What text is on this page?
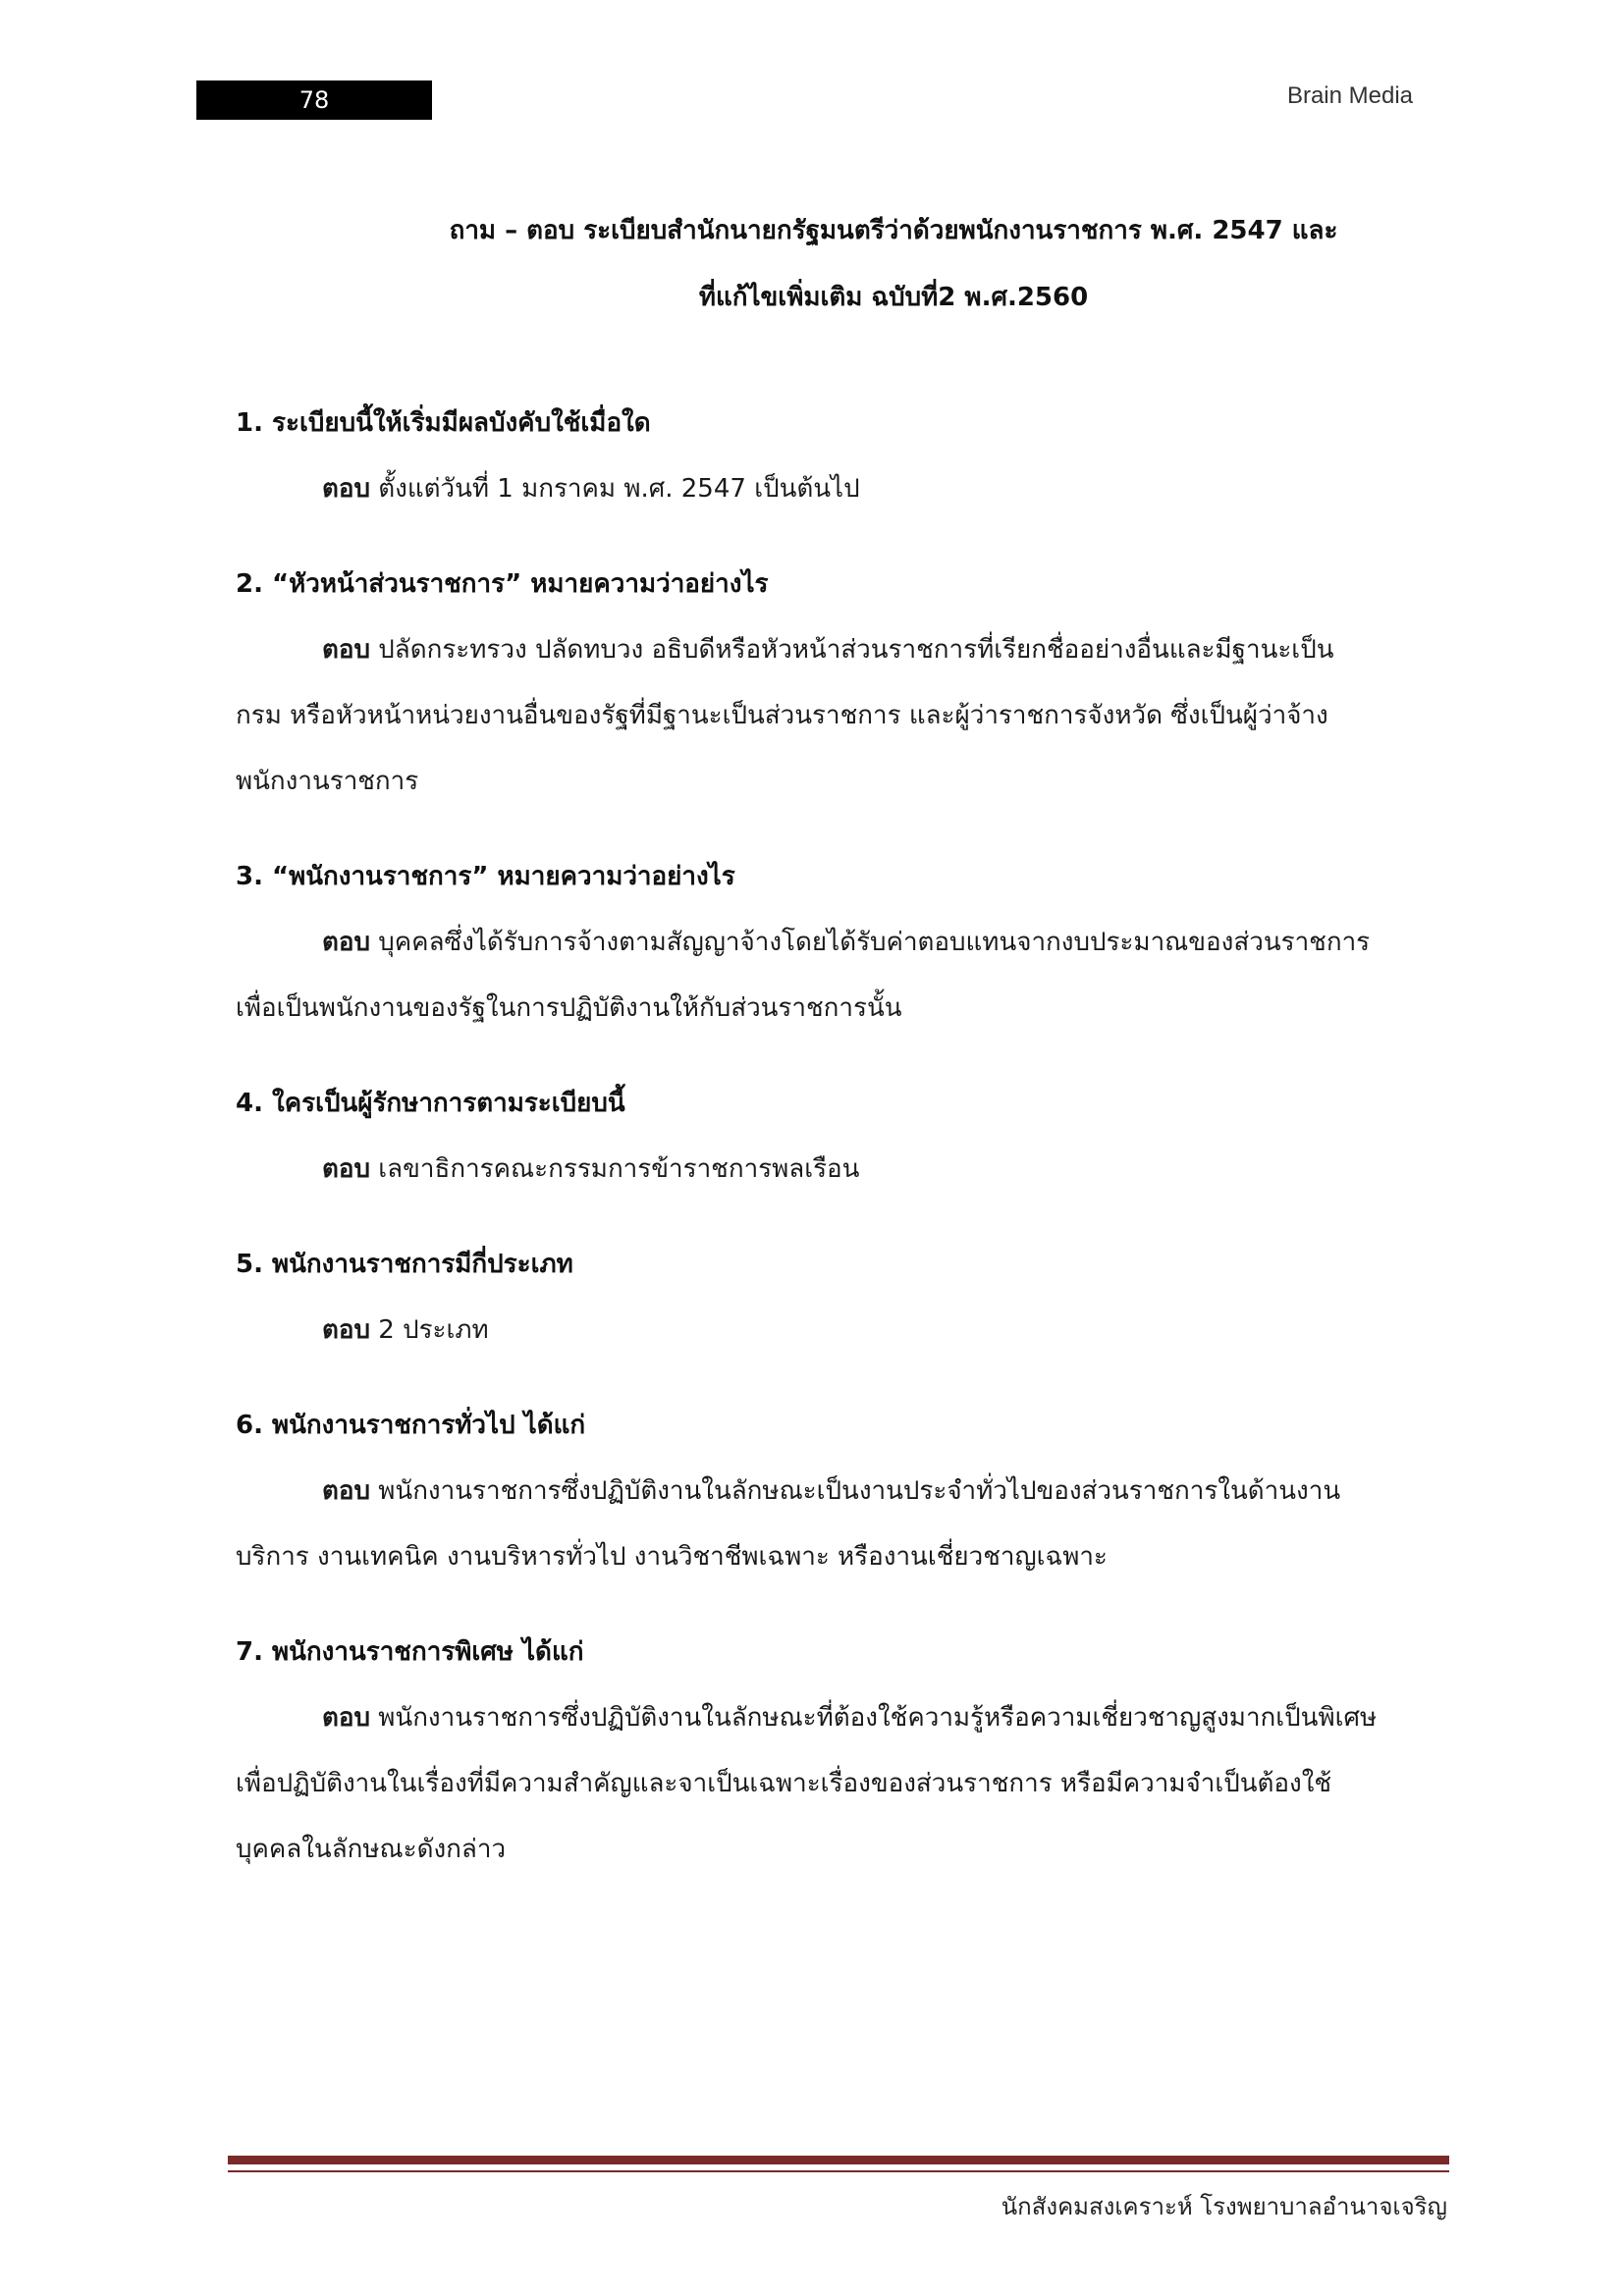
78	Brain Media
ถาม – ตอบ ระเบียบสำนักนายกรัฐมนตรีว่าด้วยพนักงานราชการ พ.ศ. 2547 และ
ที่แก้ไขเพิ่มเติม ฉบับที่2 พ.ศ.2560
1. ระเบียบนี้ให้เริ่มมีผลบังคับใช้เมื่อใด
ตอบ ตั้งแต่วันที่ 1 มกราคม พ.ศ. 2547 เป็นต้นไป
2. “หัวหน้าส่วนราชการ” หมายความว่าอย่างไร
ตอบ ปลัดกระทรวง ปลัดทบวง อธิบดีหรือหัวหน้าส่วนราชการที่เรียกชื่ออย่างอื่นและมีฐานะเป็น
กรม หรือหัวหน้าหน่วยงานอื่นของรัฐที่มีฐานะเป็นส่วนราชการ และผู้ว่าราชการจังหวัด ซึ่งเป็นผู้ว่าจ้าง
พนักงานราชการ
3. “พนักงานราชการ” หมายความว่าอย่างไร
ตอบ บุคคลซึ่งได้รับการจ้างตามสัญญาจ้างโดยได้รับค่าตอบแทนจากงบประมาณของส่วนราชการ
เพื่อเป็นพนักงานของรัฐในการปฏิบัติงานให้กับส่วนราชการนั้น
4. ใครเป็นผู้รักษาการตามระเบียบนี้
ตอบ เลขาธิการคณะกรรมการข้าราชการพลเรือน
5. พนักงานราชการมีกี่ประเภท
ตอบ 2 ประเภท
6. พนักงานราชการทั่วไป ได้แก่
ตอบ พนักงานราชการซึ่งปฏิบัติงานในลักษณะเป็นงานประจำทั่วไปของส่วนราชการในด้านงาน
บริการ งานเทคนิค งานบริหารทั่วไป งานวิชาชีพเฉพาะ หรืองานเชี่ยวชาญเฉพาะ
7. พนักงานราชการพิเศษ ได้แก่
ตอบ พนักงานราชการซึ่งปฏิบัติงานในลักษณะที่ต้องใช้ความรู้หรือความเชี่ยวชาญสูงมากเป็นพิเศษ
เพื่อปฏิบัติงานในเรื่องที่มีความสำคัญและจาเป็นเฉพาะเรื่องของส่วนราชการ หรือมีความจำเป็นต้องใช้
บุคคลในลักษณะดังกล่าว
นักสังคมสงเคราะห์ โรงพยาบาลอำนาจเจริญ
